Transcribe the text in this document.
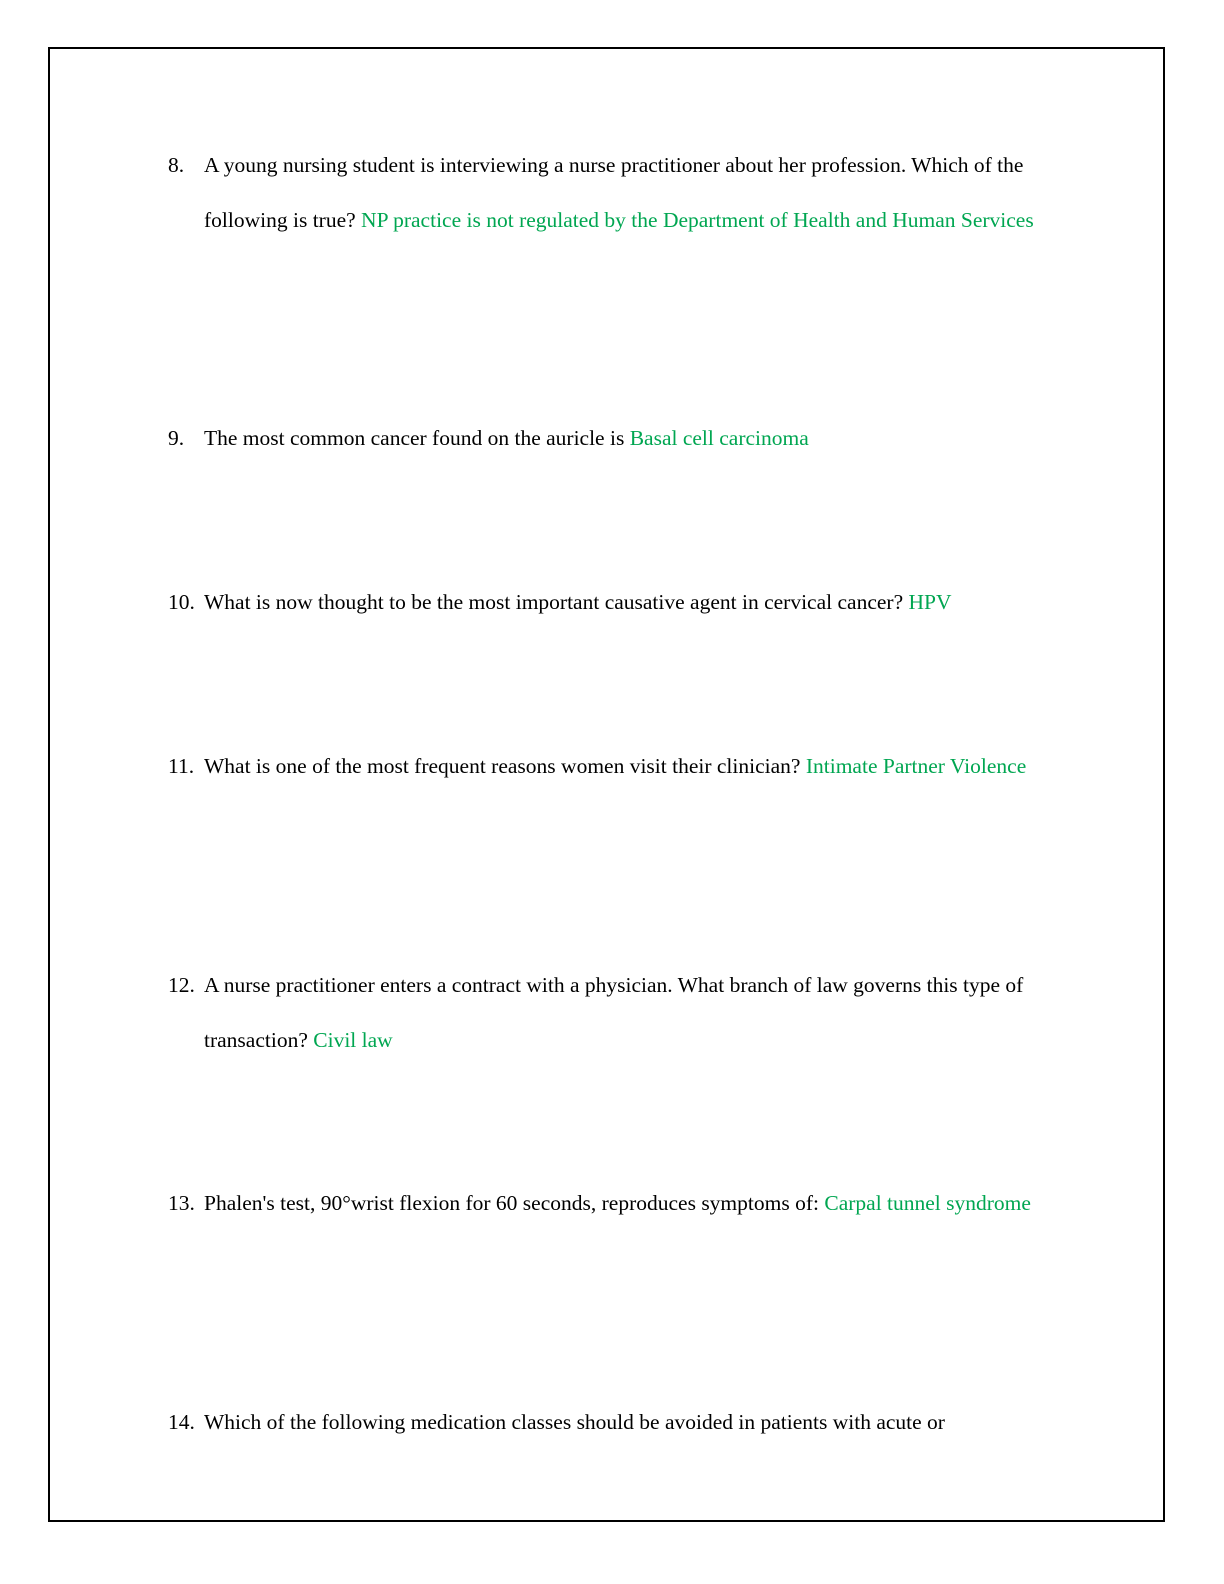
8. A young nursing student is interviewing a nurse practitioner about her profession. Which of the following is true? NP practice is not regulated by the Department of Health and Human Services
9. The most common cancer found on the auricle is Basal cell carcinoma
10. What is now thought to be the most important causative agent in cervical cancer? HPV
11. What is one of the most frequent reasons women visit their clinician? Intimate Partner Violence
12. A nurse practitioner enters a contract with a physician. What branch of law governs this type of transaction? Civil law
13. Phalen's test, 90°wrist flexion for 60 seconds, reproduces symptoms of: Carpal tunnel syndrome
14. Which of the following medication classes should be avoided in patients with acute or
